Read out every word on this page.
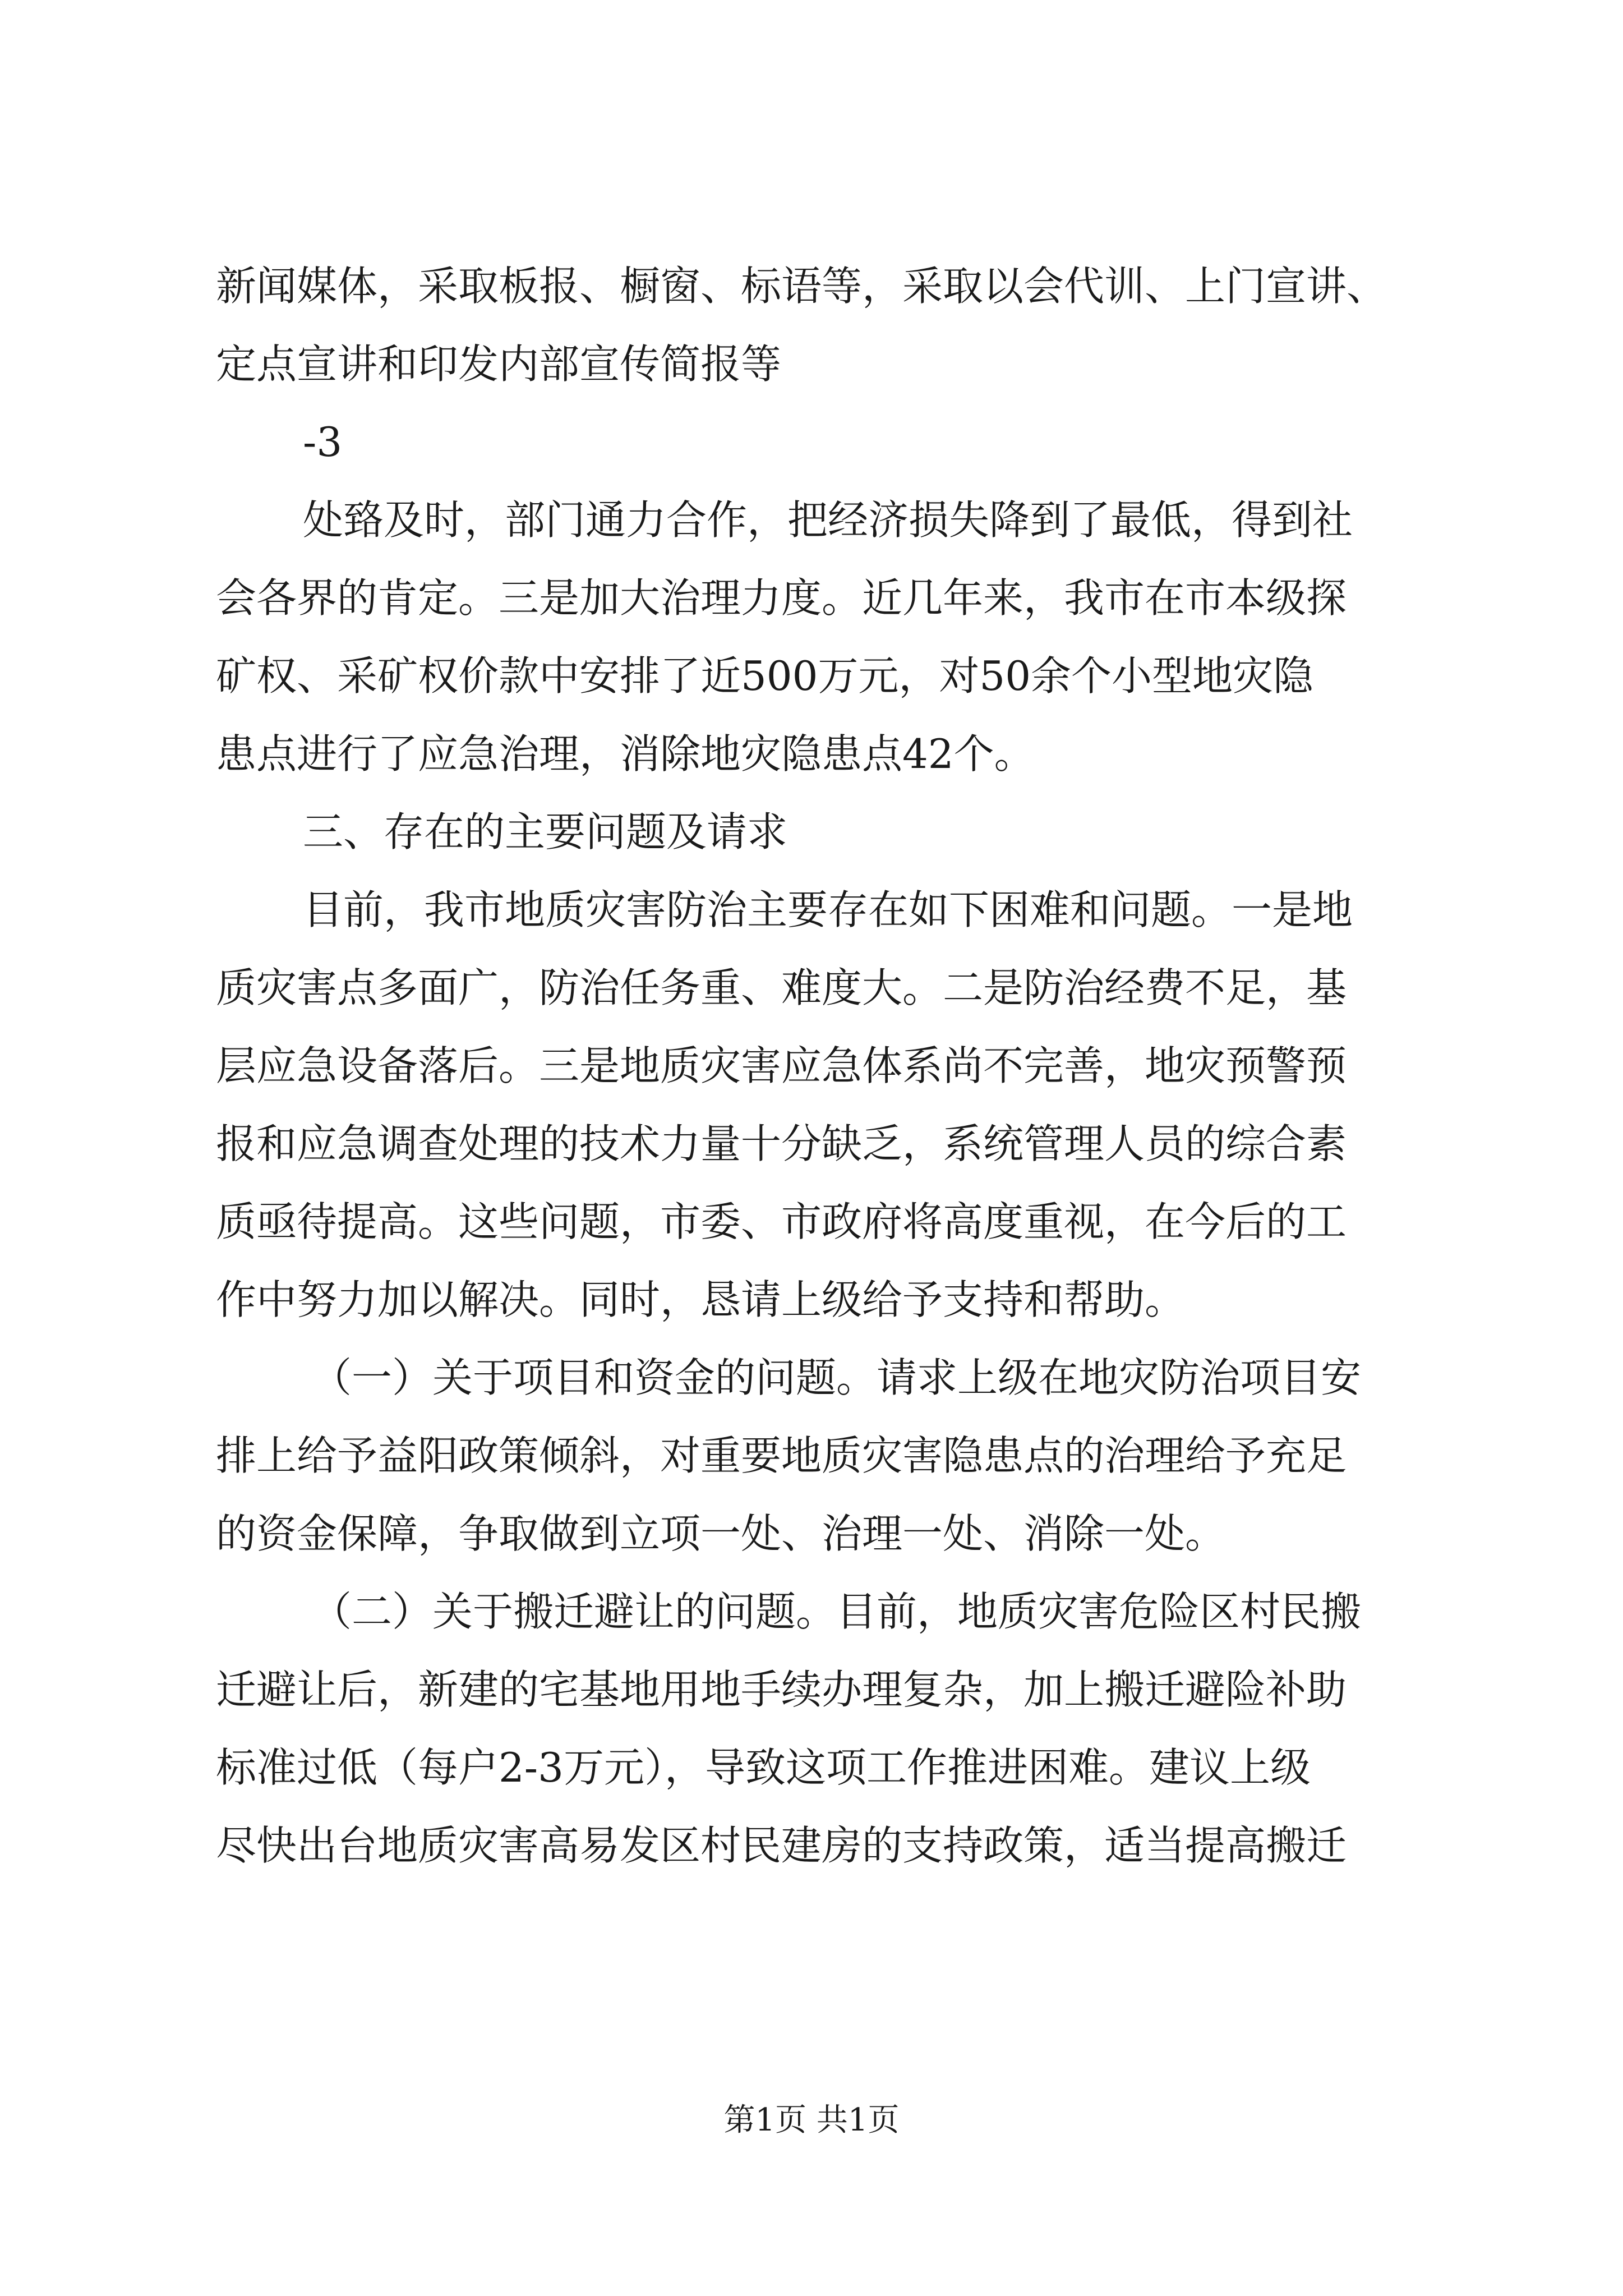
新闻媒体，采取板报、橱窗、标语等，采取以会代训、上门宣讲、
定点宣讲和印发内部宣传简报等
-3
处臵及时，部门通力合作，把经济损失降到了最低，得到社
会各界的肯定。三是加大治理力度。近几年来，我市在市本级探
矿权、采矿权价款中安排了近500万元，对50余个小型地灾隐
患点进行了应急治理，消除地灾隐患点42个。
三、存在的主要问题及请求
目前，我市地质灾害防治主要存在如下困难和问题。一是地
质灾害点多面广，防治任务重、难度大。二是防治经费不足，基
层应急设备落后。三是地质灾害应急体系尚不完善，地灾预警预
报和应急调查处理的技术力量十分缺乏，系统管理人员的综合素
质亟待提高。这些问题，市委、市政府将高度重视，在今后的工
作中努力加以解决。同时，恳请上级给予支持和帮助。
（一）关于项目和资金的问题。请求上级在地灾防治项目安
排上给予益阳政策倾斜，对重要地质灾害隐患点的治理给予充足
的资金保障，争取做到立项一处、治理一处、消除一处。
（二）关于搬迁避让的问题。目前，地质灾害危险区村民搬
迁避让后，新建的宅基地用地手续办理复杂，加上搬迁避险补助
标准过低（每户2-3万元），导致这项工作推进困难。建议上级
尽快出台地质灾害高易发区村民建房的支持政策，适当提高搬迁
第1页 共1页
